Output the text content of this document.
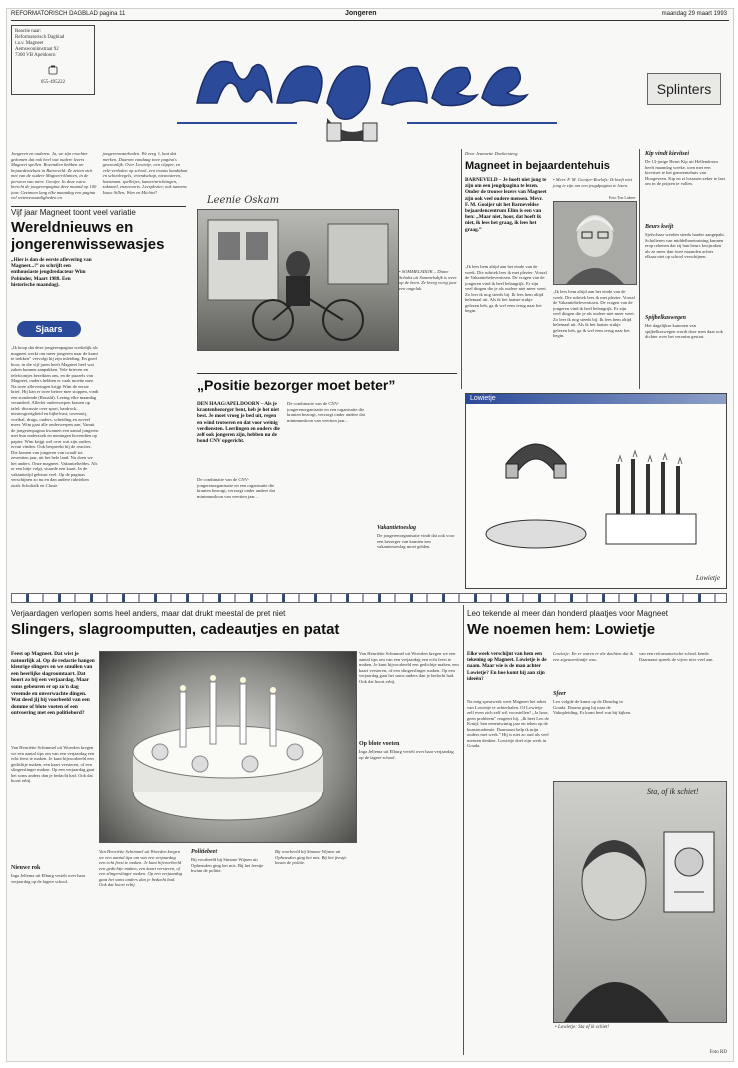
REFORMATORISCH DAGBLAD pagina 11	Jongeren	maandag 29 maart 1993
Reactie naar:
Reformatorisch Dagblad
t.a.v. Magneet
Aemswoninnstraat 92
7300 VB Apeldoorn
055-495222	Splinters
Jongeren en ouderen. Ja, we zijn erachter gekomen dat ook heel wat oudere lezers Magneet spellen. Bovendien hebben we bejaardentehuis in Barneveld. Ze zetten zich met van de oudere Magneet-klanten, in de persoon van mevr. Gooijer. In deze extra bericht de jongerenpagina deze maand op 100 jaar. Gezinnen lang elke maandag een pagina vol wetenswaardigheden en jongerenwaarheden. We zeeg 't, laat dat merken. Daarom vandaag twee pagina's gewoonlijk. Over Lowietje, een clipper, en vele-verhalen op school, een traans kandidaat en schoolregels, vriendschap, nieuwsteren, honsmum. spelletjes, kamerinrichtingen, zakmoel, enzovoorts. Leesplezier, ook namens Isaac Sillen, Wim en Michiel!
Leenie Oskam
Vijf jaar Magneet toont veel variatie
Wereldnieuws en jongerenwissewasjes
„Hier is dan de eerste aflevering van Magneet...!” zo schrijft een enthousiaste jeugdredacteur Wim Pobinder, Maart 1988. Een historische maandag).
Sjaars
„Ik hoop dat deze jongerenpagina werkelijk als magneet werkt om meer jongeren naar de krant te trekken” vervolgt hij zijn inleiding. En goed hoor, in die vijf jaren heeft Magneet heel wat zaken kunnen aanpakken. Vele brieven en telefoontjes bereikten ons, en de puzzels van Magneet, ouders hebben er vaak moeite mee. Na twee afleveringen krijgt Wim de eerste brief. Hij kan er twee betere mee stoppen, vindt een stondende (Ronald). Lezing elke maandag veranderd. Allerlei onderwerpen komen op tafel: discussie over sport, hardrock, nieuwsgierigheid en bijbelvast, tovenarij, voetbal, drugs, ouders, scheiding en zoveel meer. Wim gaat alle onderwerpen aan. Vanuit de jongerenpagina kwamen een aantal jongeren met hun onderzoek en meningen bovendien op papier. Wim krijgt wel over wat zijn ouders ervan vinden. Ook bespreekt hij de reacties. Die komen van jongeren van twaalf tot zeventien jaar, uit het hele land. Nu doen we het anders. Onze magneet. Vakantieliefdes. Als er een hitje volgt, stuurde een kaart. In de vakantietijd gebeurt veel. Op de paginas verschijnen zo nu en dan andere rubrieken zoals Scholtalk en Clusie.
• SOMMELSDIJK – Diane Schultz uit Sommelsdijk is weer op de been. Ze kreeg vorig jaar een ongeluk.
Door Jeannette Doekersteeg
Magneet in bejaardentehuis
BARNEVELD – Je hoeft niet jong te zijn om een jeugdpagina te lezen. Onder de trouwe lezers van Magneet zijn ook veel oudere mensen. Mevr. F. M. Gooijer uit het Barneveldse bejaardencentrum Elim is een van hen: „Maar niet, hoor, dat hoeft ik niet, ik lees het graag, ik lees het graag.”
„Ik lees hem altijd aan het einde van de week. Die rubriek lees ik met plezier. Vooral de Vakantiebelevenissen. De vragen van de jongeren vind ik heel belangrijk. Er zijn veel dingen die je als oudere niet meer weet. Zo leer ik nog steeds bij. Ik lees hem altijd helemaal uit. Als ik het laatste stukje gelezen heb, ga ik wel eens terug naar het begin.
• Mevr. F. M. Gooijer-Roelofs: Ik hoeft niet jong te zijn om een jeugdpagina te lezen.
Foto Ton Lakeer
„Ik lees hem altijd aan het einde van de week. Die rubriek lees ik met plezier. Vooral de Vakantiebelevenissen. De vragen van de jongeren vind ik heel belangrijk. Er zijn veel dingen die je als oudere niet meer weet. Zo leer ik nog steeds bij. Ik lees hem altijd helemaal uit. Als ik het laatste stukje gelezen heb, ga ik wel eens terug naar het begin.
Kip vindt kievitsei
De 13-jarige Henri Kip uit Hellendoorn heeft maandag weeke, toen met een kievitsei te het gemeentehuis van Hoogeveen. Kip en zi lossasen zeker te laat om in de prijzen te vallen.
Beurs kwijt
Sjefschaar werden steeds harder aangepakt. Scholieren van middelbaretraining kunnen erop rekenen dat zij hun beurs kwijtraken als ze meer dan twee maanden achter elkaar niet op school verschijnen.
Spijbelkaswegen
Het dagelijkse kanonen van spijbelkaswegen wordt door men daar ook dichter over het verzuim gestart.
„Positie bezorger moet beter”
DEN HAAG/APELDOORN – Als je krantenbezorger bent, heb je het niet best. Je moet vroeg je bed uit, regen en wind trotseren en dat voor weinig verdiensten. Leerlingen en ouders die zelf ook jongeren zijn, hebben nu de bond CNV opgericht.
De combinatie van de CNV-jongerenorganisatie en een organisatie die kranten bezorgt, verzorgt onder andere dat minimumloon van veertien jaar...
De combinatie van de CNV-jongerenorganisatie en een organisatie die kranten bezorgt, verzorgt onder andere dat minimumloon van veertien jaar...
Vakantietoeslag
De jongerenorganisatie vindt dat ook voor een bezorger van kranten een vakantietoeslag moet gelden.
Lowietje
Lowietje
Verjaardagen verlopen soms heel anders, maar dat drukt meestal de pret niet
Slingers, slagroomputten, cadeautjes en patat
Feest op Magneet. Dat wist je natuurlijk al. Op de redactie hangen kleurige slingers en we smullen van een heerlijke slagroomtaart. Dat hoort zo bij een verjaardag. Maar soms gebeuren er op zo'n dag vreemde en onverwachte dingen. Wat deed jij bij voorbeeld van een domme of blote voeten of een ontvoering met een politiebord?
Van Henriëtte Schimmel uit Woerden kregen we een aantal tips om van een verjaardag een echt feest te maken. Je kunt bijvoorbeeld een gedichtje maken, een kaart versieren, of een slingerslinger maken. Op een verjaardag gaat het soms anders dan je bedacht had. Ook dat hoort erbij.
Nieuwe rok
Inga Jellema uit Elburg vertelt over haar verjaardag op de lagere school.
Van Henriëtte Schimmel uit Woerden kregen we een aantal tips om van een verjaardag een echt feest te maken. Je kunt bijvoorbeeld een gedichtje maken, een kaart versieren, of een slingerslinger maken. Op een verjaardag gaat het soms anders dan je bedacht had. Ook dat hoort erbij.
Op blote voeten
Inga Jellema uit Elburg vertelt over haar verjaardag op de lagere school.
Van Henriëtte Schimmel uit Woerden kregen we een aantal tips om van een verjaardag een echt feest te maken. Je kunt bijvoorbeeld een gedichtje maken, een kaart versieren, of een slingerslinger maken. Op een verjaardag gaat het soms anders dan je bedacht had. Ook dat hoort erbij.
Politiebeet
Bij voorbeeld bij Simone Wijnen uit Opheusden ging het mis. Bij het feestje kwam de politie.
Bij voorbeeld bij Simone Wijnen uit Opheusden ging het mis. Bij het feestje kwam de politie.
Leo tekende al meer dan honderd plaatjes voor Magneet
We noemen hem: Lowietje
Elke week verschijnt van hem een tekening op Magneet. Lowietje is de naam. Maar wie is de man achter Lowietje? En hoe komt hij aan zijn ideeën?
Na enig speurwerk weet Magneet het adres van Lowietje te achterhalen. Of Lowietje zelf even zich zelf wil voorstellen? „Ja hoor, geen probleem” reageert hij. „Ik heet Leo de Kruijf, ben eenentwintig jaar en teken op de kunstacademie. Daarnaast help ik mijn ouders met werk.” Hij is niet zo oud als veel mensen denken. Lowietje doet zijn werk in Gouda.
Lowietje: En er waren er die dachten dat ik een zigeunerkindje was.
Sfeer
Leo volgde de kunst op de Dinsdag in Gouda. Daarna ging hij naar de Vakopleiding. Er komt heel wat bij kijken.
van een reformatorische school kende. Daarnaast spreek de vijver nier veel aan.
Sta, of ik schiet!
• Lowietje: Sta of ik schiet!
Foto RD
